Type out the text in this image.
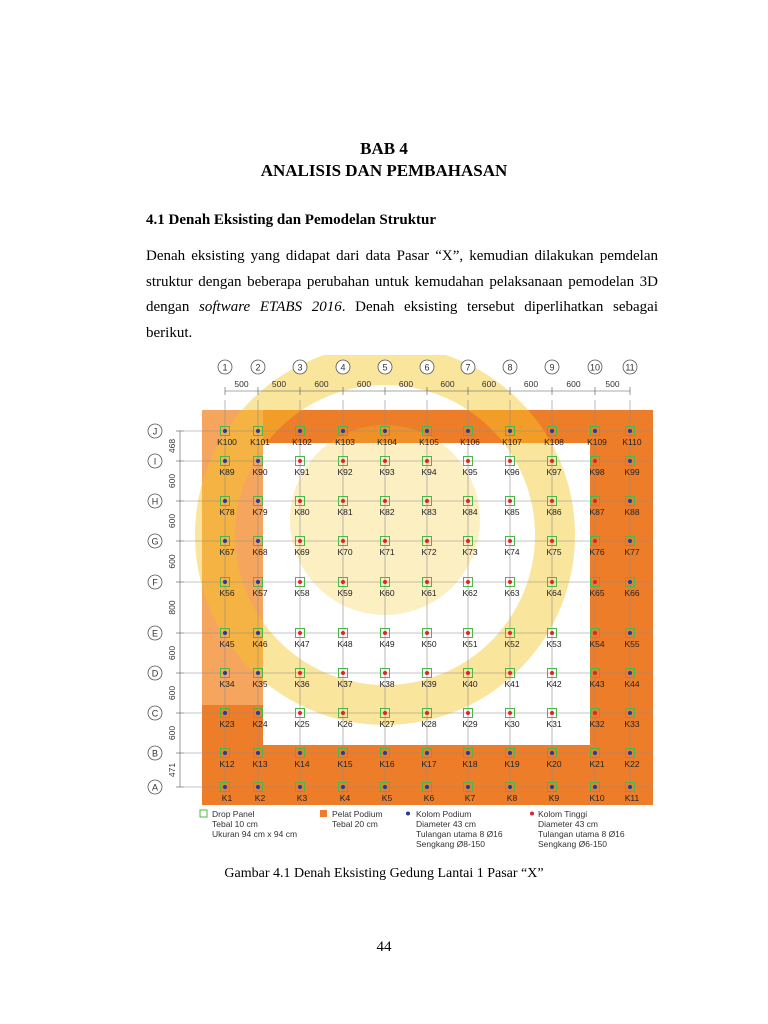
BAB 4
ANALISIS DAN PEMBAHASAN
4.1 Denah Eksisting dan Pemodelan Struktur
Denah eksisting yang didapat dari data Pasar “X”, kemudian dilakukan pemdelan struktur dengan beberapa perubahan untuk kemudahan pelaksanaan pemodelan 3D dengan software ETABS 2016. Denah eksisting tersebut diperlihatkan sebagai berikut.
1	2	3	4	5	6	7	8	9	10	11
500	500	600	600	600	600	600	600	600	500
J
I
H
G
F
E
D
C
B
A
468
600
600
600
800
600
600
600
471
K100 K101	K102	K103	K104	K105 K106	K107	K108	K109 K110
K89 K90	K91	K92	K93	K94	K95	K96	K97	K98 K99
K78 K79	K80	K81	K82	K83	K84	K85	K86	K87 K88
K67 K68	K69	K70	K71	K72	K73	K74	K75	K76 K77
K56 K57	K58	K59	K60	K61	K62	K63	K64	K65 K66
K45 K46	K47	K48	K49	K50	K51	K52	K53	K54 K55
K34 K35	K36	K37	K38	K39	K40	K41	K42	K43 K44
K23 K24	K25	K26	K27	K28	K29	K30	K31	K32 K33
K12 K13	K14	K15	K16	K17	K18	K19	K20	K21 K22
K1	K2	K3	K4	K5	K6	K7	K8	K9	K10 K11
Drop Panel
Tebal 10 cm
Ukuran 94 cm x 94 cm
Pelat Podium
Tebal 20 cm
Kolom Podium
Diameter 43 cm
Tulangan utama 8 Ø16
Sengkang Ø8-150
Kolom Tinggi
Diameter 43 cm
Tulangan utama 8 Ø16
Sengkang Ø6-150
Gambar 4.1 Denah Eksisting Gedung Lantai 1 Pasar “X”
44
